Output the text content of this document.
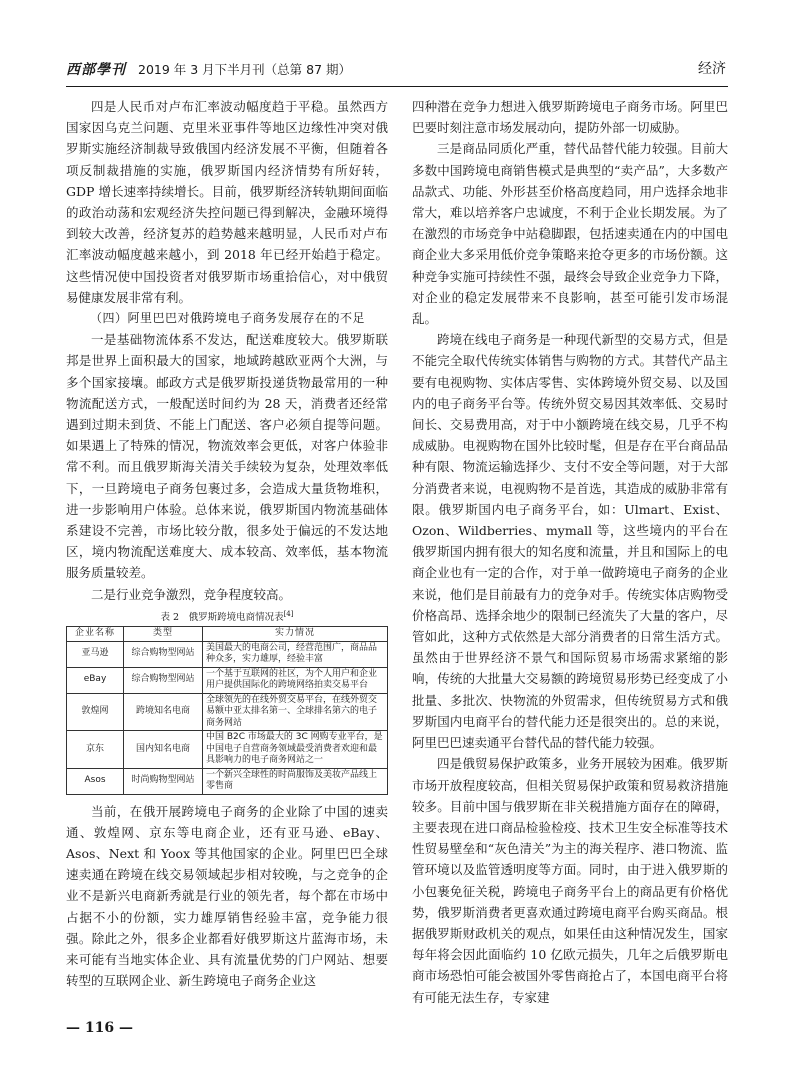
西部學刊 2019 年 3 月下半月刊（总第 87 期）	经济

四是人民币对卢布汇率波动幅度趋于平稳。虽然西方国家因乌克兰问题、克里米亚事件等地区边缘性冲突对俄罗斯实施经济制裁导致俄国内经济发展不平衡，但随着各项反制裁措施的实施，俄罗斯国内经济情势有所好转，GDP 增长速率持续增长。目前，俄罗斯经济转轨期间面临的政治动荡和宏观经济失控问题已得到解决，金融环境得到较大改善，经济复苏的趋势越来越明显，人民币对卢布汇率波动幅度越来越小，到 2018 年已经开始趋于稳定。这些情况使中国投资者对俄罗斯市场重拾信心，对中俄贸易健康发展非常有利。

（四）阿里巴巴对俄跨境电子商务发展存在的不足

一是基础物流体系不发达，配送难度较大。俄罗斯联邦是世界上面积最大的国家，地域跨越欧亚两个大洲，与多个国家接壤。邮政方式是俄罗斯投递货物最常用的一种物流配送方式，一般配送时间约为 28 天，消费者还经常遇到过期未到货、不能上门配送、客户必须自提等问题。如果遇上了特殊的情况，物流效率会更低，对客户体验非常不利。而且俄罗斯海关清关手续较为复杂，处理效率低下，一旦跨境电子商务包裹过多，会造成大量货物堆积，进一步影响用户体验。总体来说，俄罗斯国内物流基础体系建设不完善，市场比较分散，很多处于偏远的不发达地区，境内物流配送难度大、成本较高、效率低，基本物流服务质量较差。

二是行业竞争激烈，竞争程度较高。

表 2　俄罗斯跨境电商情况表[4]
企业名称	类型	实力情况
亚马逊	综合购物型网站	美国最大的电商公司，经营范围广，商品品种众多，实力雄厚，经验丰富
eBay	综合购物型网站	一个基于互联网的社区，为个人用户和企业用户提供国际化的跨境网络拍卖交易平台
敦煌网	跨境知名电商	全球领先的在线外贸交易平台，在线外贸交易额中亚太排名第一、全球排名第六的电子商务网站
京东	国内知名电商	中国 B2C 市场最大的 3C 网购专业平台，是中国电子自营商务领域最受消费者欢迎和最具影响力的电子商务网站之一
Asos	时尚购物型网站	一个新兴全球性的时尚服饰及美妆产品线上零售商

当前，在俄开展跨境电子商务的企业除了中国的速卖通、敦煌网、京东等电商企业，还有亚马逊、eBay、Asos、Next 和 Yoox 等其他国家的企业。阿里巴巴全球速卖通在跨境在线交易领域起步相对较晚，与之竞争的企业不是新兴电商新秀就是行业的领先者，每个都在市场中占据不小的份额，实力雄厚销售经验丰富，竞争能力很强。除此之外，很多企业都看好俄罗斯这片蓝海市场，未来可能有当地实体企业、具有流量优势的门户网站、想要转型的互联网企业、新生跨境电子商务企业这

四种潜在竞争力想进入俄罗斯跨境电子商务市场。阿里巴巴要时刻注意市场发展动向，提防外部一切威胁。

三是商品同质化严重，替代品替代能力较强。目前大多数中国跨境电商销售模式是典型的“卖产品”，大多数产品款式、功能、外形甚至价格高度趋同，用户选择余地非常大，难以培养客户忠诚度，不利于企业长期发展。为了在激烈的市场竞争中站稳脚跟，包括速卖通在内的中国电商企业大多采用低价竞争策略来抢夺更多的市场份额。这种竞争实施可持续性不强，最终会导致企业竞争力下降，对企业的稳定发展带来不良影响，甚至可能引发市场混乱。

跨境在线电子商务是一种现代新型的交易方式，但是不能完全取代传统实体销售与购物的方式。其替代产品主要有电视购物、实体店零售、实体跨境外贸交易、以及国内的电子商务平台等。传统外贸交易因其效率低、交易时间长、交易费用高，对于中小额跨境在线交易，几乎不构成威胁。电视购物在国外比较时髦，但是存在平台商品品种有限、物流运输选择少、支付不安全等问题，对于大部分消费者来说，电视购物不是首选，其造成的威胁非常有限。俄罗斯国内电子商务平台，如：Ulmart、Exist、Ozon、Wildberries、mymall 等，这些境内的平台在俄罗斯国内拥有很大的知名度和流量，并且和国际上的电商企业也有一定的合作，对于单一做跨境电子商务的企业来说，他们是目前最有力的竞争对手。传统实体店购物受价格高昂、选择余地少的限制已经流失了大量的客户，尽管如此，这种方式依然是大部分消费者的日常生活方式。虽然由于世界经济不景气和国际贸易市场需求紧缩的影响，传统的大批量大交易额的跨境贸易形势已经变成了小批量、多批次、快物流的外贸需求，但传统贸易方式和俄罗斯国内电商平台的替代能力还是很突出的。总的来说，阿里巴巴速卖通平台替代品的替代能力较强。

四是俄贸易保护政策多，业务开展较为困难。俄罗斯市场开放程度较高，但相关贸易保护政策和贸易救济措施较多。目前中国与俄罗斯在非关税措施方面存在的障碍，主要表现在进口商品检验检疫、技术卫生安全标准等技术性贸易壁垒和“灰色清关”为主的海关程序、港口物流、监管环境以及监管透明度等方面。同时，由于进入俄罗斯的小包裹免征关税，跨境电子商务平台上的商品更有价格优势，俄罗斯消费者更喜欢通过跨境电商平台购买商品。根据俄罗斯财政机关的观点，如果任由这种情况发生，国家每年将会因此面临约 10 亿欧元损失，几年之后俄罗斯电商市场恐怕可能会被国外零售商抢占了，本国电商平台将有可能无法生存，专家建

— 116 —
